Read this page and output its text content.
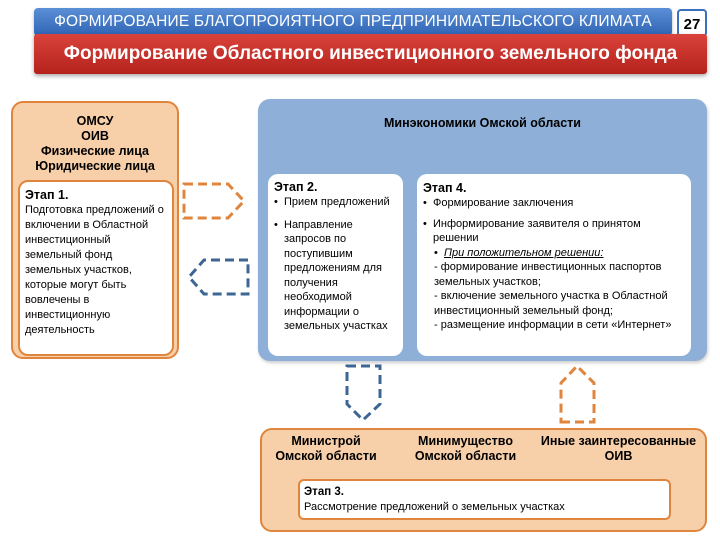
ФОРМИРОВАНИЕ БЛАГОПРОИЯТНОГО ПРЕДПРИНИМАТЕЛЬСКОГО КЛИМАТА	27
Формирование Областного инвестиционного земельного фонда
ОМСУ
ОИВ
Физические лица
Юридические лица
Этап 1.
Подготовка предложений о включении в Областной инвестиционный земельный фонд земельных участков, которые могут быть вовлечены в инвестиционную деятельность
Минэкономики Омской области
Этап 2.
• Прием предложений
• Направление запросов по поступившим предложениям для получения необходимой информации о земельных участках
Этап 4.
• Формирование заключения
• Информирование заявителя о принятом решении
• При положительном решении:
- формирование инвестиционных паспортов земельных участков;
- включение земельного участка в Областной инвестиционный земельный фонд;
- размещение информации в сети «Интернет»
Министрой Омской области
Минимущество Омской области
Иные заинтересованные ОИВ
Этап 3.
Рассмотрение предложений о земельных участках
